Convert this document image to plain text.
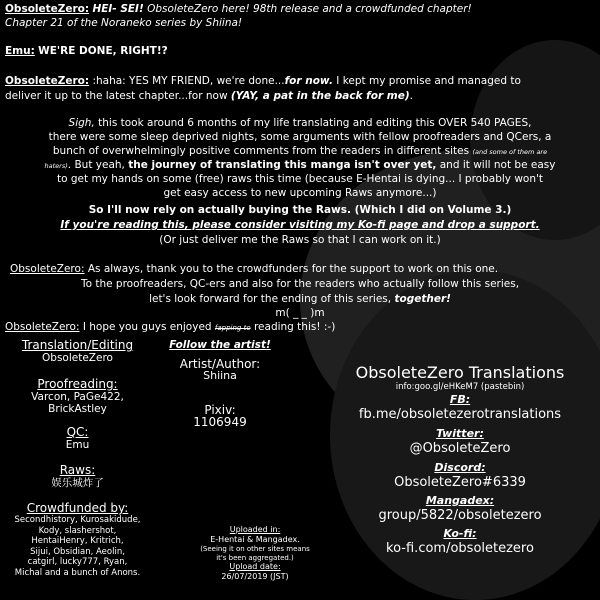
ObsoleteZero: HEI- SEI! ObsoleteZero here! 98th release and a crowdfunded chapter!
Chapter 21 of the Noraneko series by Shiina!
Emu: WE'RE DONE, RIGHT!?
ObsoleteZero: :haha: YES MY FRIEND, we're done...for now. I kept my promise and managed to
deliver it up to the latest chapter...for now (YAY, a pat in the back for me).
Sigh, this took around 6 months of my life translating and editing this OVER 540 PAGES,
there were some sleep deprived nights, some arguments with fellow proofreaders and QCers, a
bunch of overwhelmingly positive comments from the readers in different sites (and some of them are
haters). But yeah, the journey of translating this manga isn't over yet, and it will not be easy
to get my hands on some (free) raws this time (because E-Hentai is dying... I probably won't
get easy access to new upcoming Raws anymore...)
So I'll now rely on actually buying the Raws. (Which I did on Volume 3.)
If you're reading this, please consider visiting my Ko-fi page and drop a support.
(Or just deliver me the Raws so that I can work on it.)
ObsoleteZero: As always, thank you to the crowdfunders for the support to work on this one.
To the proofreaders, QC-ers and also for the readers who actually follow this series,
let's look forward for the ending of this series, together!
m( _ _ )m
ObsoleteZero: I hope you guys enjoyed fapping to reading this! :-)
Translation/Editing
ObsoleteZero
Proofreading:
Varcon, PaGe422,
BrickAstley
QC:
Emu
Raws:
娱乐城炸了
Crowdfunded by:
Secondhistory, Kurosakidude,
Kody, slashershot,
HentaiHenry, Kritrich,
Sijui, Obsidian, Aeolin,
catgirl, lucky777, Ryan,
Michal and a bunch of Anons.
Follow the artist!
Artist/Author:
Shiina
Pixiv:
1106949
Uploaded in:
E-Hentai & Mangadex.
(Seeing it on other sites means
it's been aggregated.)
Upload date:
26/07/2019 (JST)
ObsoleteZero Translations
info:goo.gl/eHKeM7 (pastebin)
FB:
fb.me/obsoletezerotranslations
Twitter:
@ObsoleteZero
Discord:
ObsoleteZero#6339
Mangadex:
group/5822/obsoletezero
Ko-fi:
ko-fi.com/obsoletezero
